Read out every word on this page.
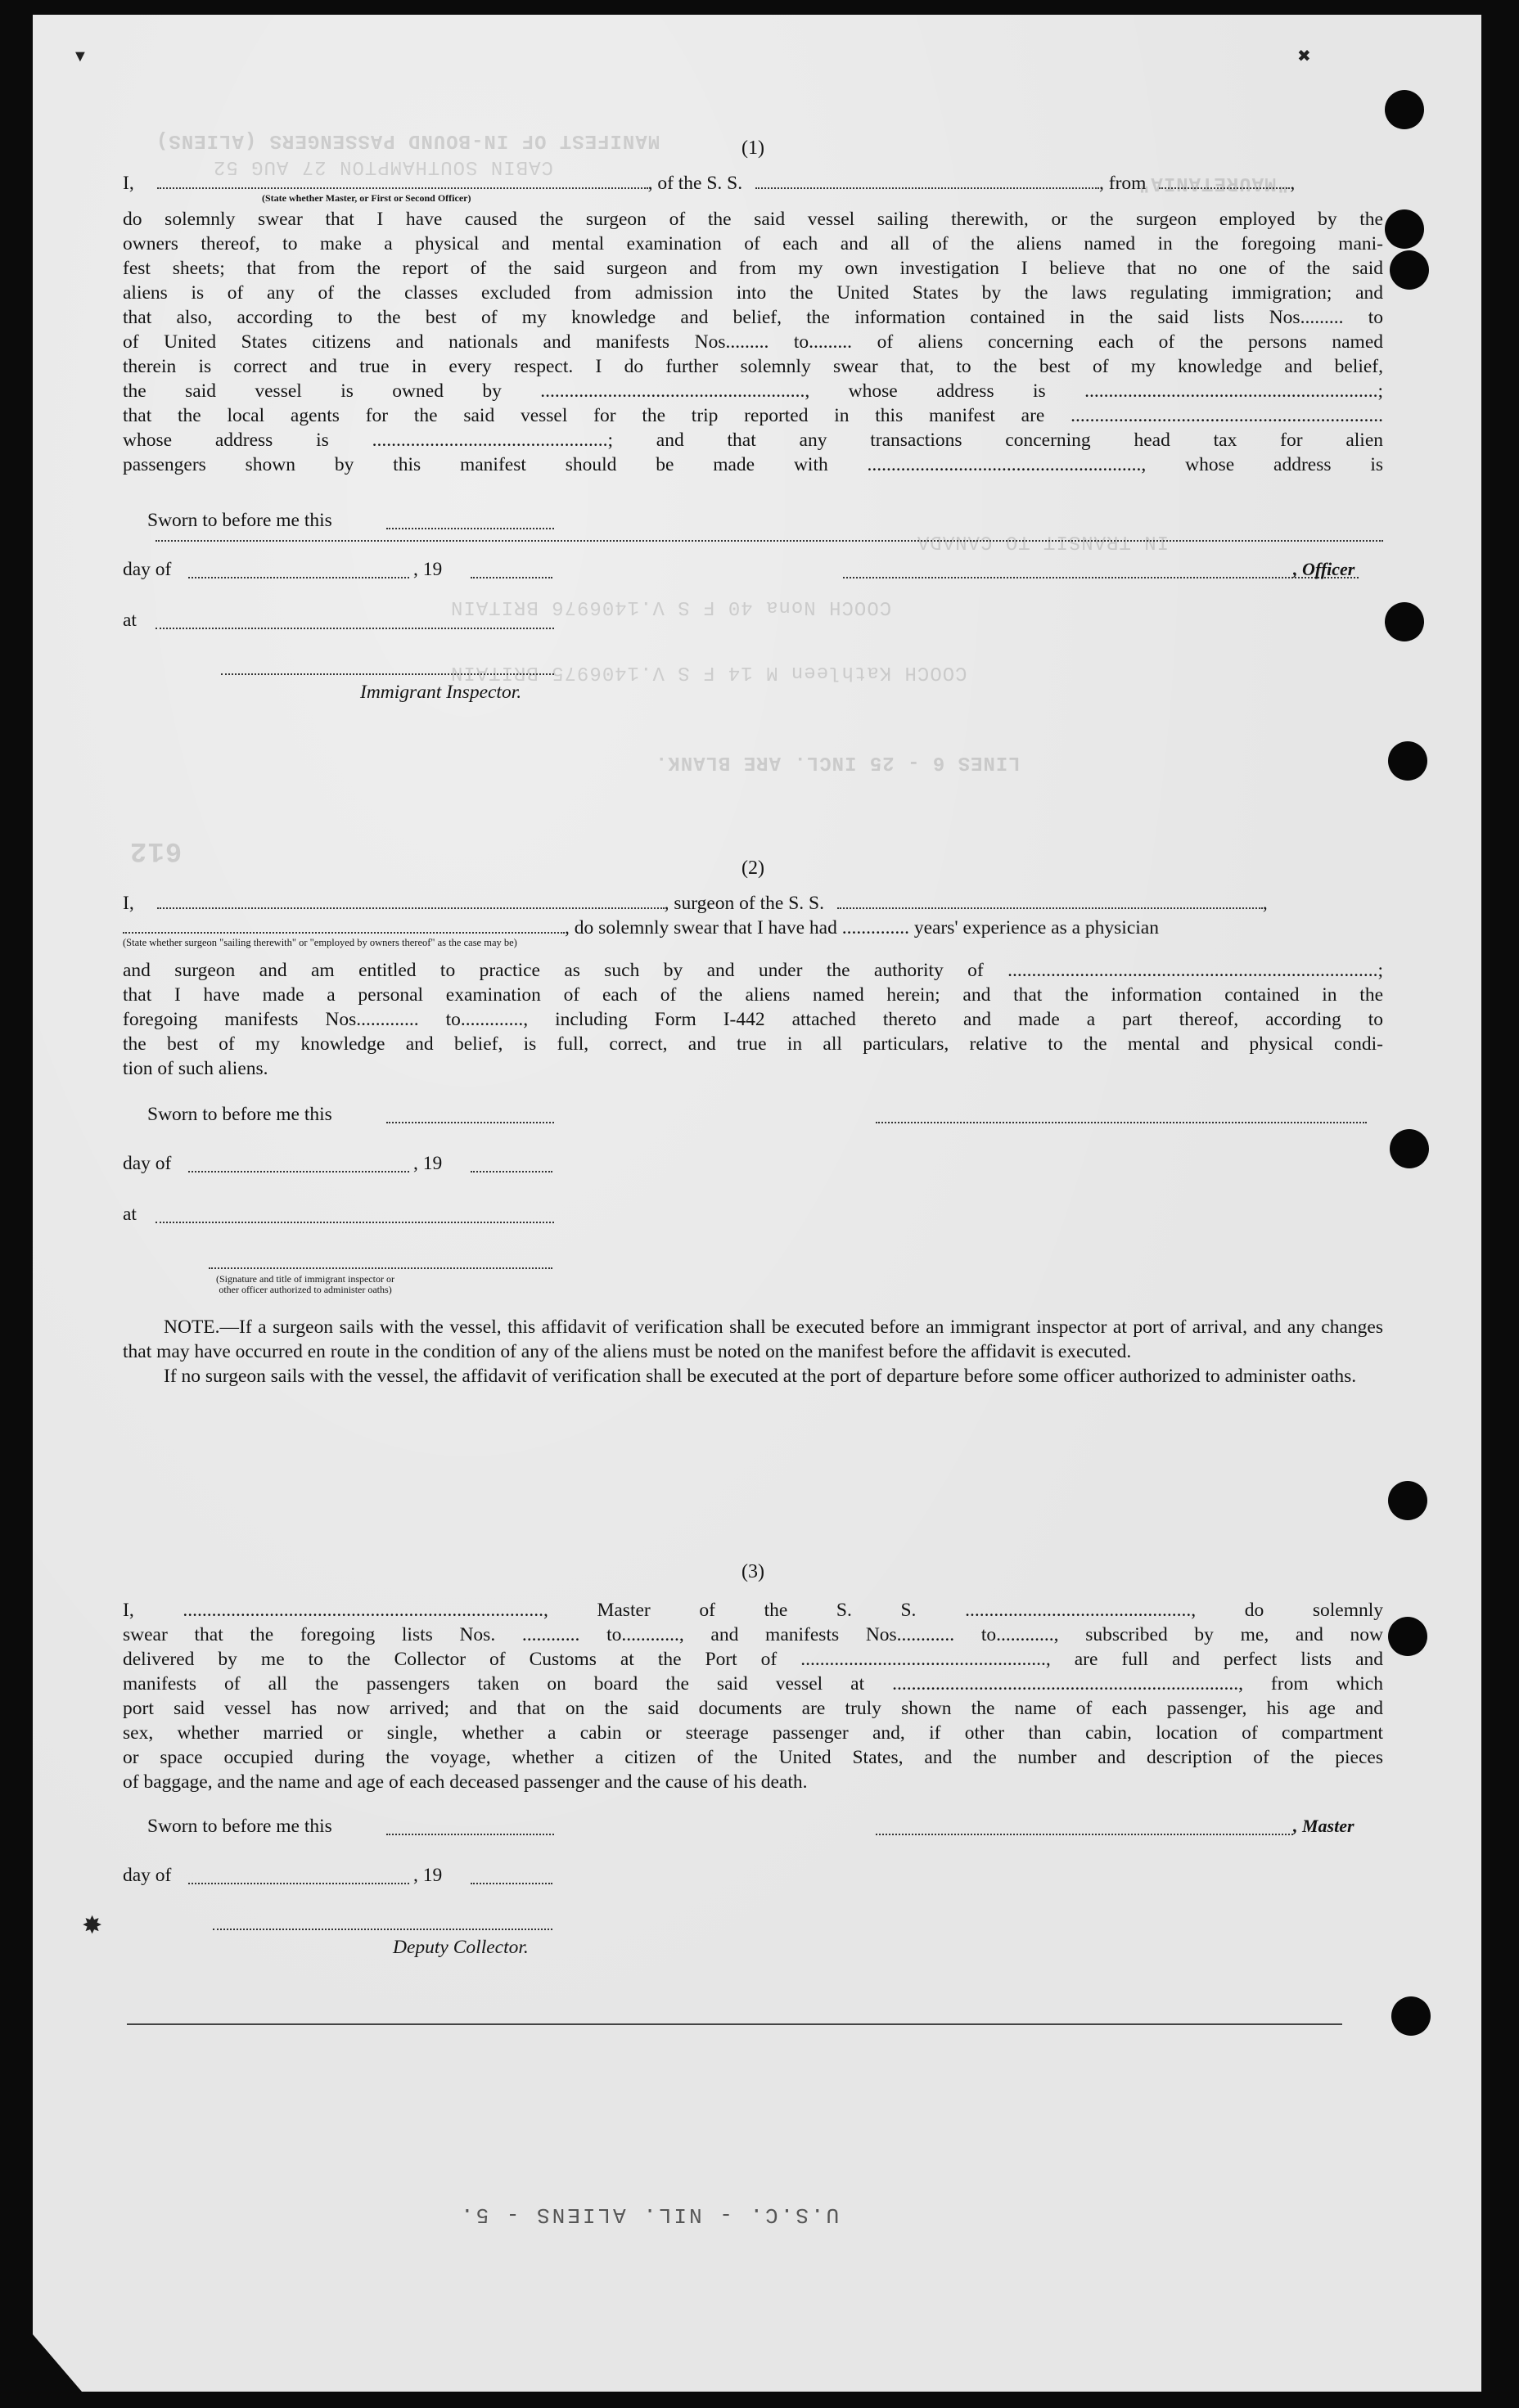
MANIFEST OF IN-BOUND PASSENGERS (ALIENS)
CABIN SOUTHAMPTON 27 AUG 52
"MAURETANIA"
IN TRANSIT TO CANADA
COOCH Nona 40 F S V.1406976 BRITAIN
COOCH Kathleen M 14 F S V.1406975 BRITAIN
LINES 6 - 25 INCL. ARE BLANK.
612
(1)
I,	, of the S. S.	, from	,
(State whether Master, or First or Second Officer)
do solemnly swear that I have caused the surgeon of the said vessel sailing therewith, or the surgeon employed by the
owners thereof, to make a physical and mental examination of each and all of the aliens named in the foregoing mani-
fest sheets; that from the report of the said surgeon and from my own investigation I believe that no one of the said
aliens is of any of the classes excluded from admission into the United States by the laws regulating immigration; and
that also, according to the best of my knowledge and belief, the information contained in the said lists Nos......... to
of United States citizens and nationals and manifests Nos......... to......... of aliens concerning each of the persons named
therein is correct and true in every respect. I do further solemnly swear that, to the best of my knowledge and belief,
the said vessel is owned by ......................................................., whose address is .............................................................;
that the local agents for the said vessel for the trip reported in this manifest are .................................................................
whose address is .................................................; and that any transactions concerning head tax for alien
passengers shown by this manifest should be made with ........................................................., whose address is
Sworn to before me this
day of	, 19
at
Immigrant Inspector.
, Officer
(2)
I,	, surgeon of the S. S.	,
, do solemnly swear that I have had .............. years' experience as a physician
(State whether surgeon "sailing therewith" or "employed by owners thereof" as the case may be)
and surgeon and am entitled to practice as such by and under the authority of .............................................................................;
that I have made a personal examination of each of the aliens named herein; and that the information contained in the
foregoing manifests Nos............. to............., including Form I-442 attached thereto and made a part thereof, according to
the best of my knowledge and belief, is full, correct, and true in all particulars, relative to the mental and physical condi-
tion of such aliens.
Sworn to before me this
day of	, 19
at
(Signature and title of immigrant inspector or other officer authorized to administer oaths)
NOTE.—If a surgeon sails with the vessel, this affidavit of verification shall be executed before an immigrant inspector at port of arrival, and any changes that may have occurred en route in the condition of any of the aliens must be noted on the manifest before the affidavit is executed.
If no surgeon sails with the vessel, the affidavit of verification shall be executed at the port of departure before some officer authorized to administer oaths.
(3)
I, ..........................................................................., Master of the S. S. ..............................................., do solemnly
swear that the foregoing lists Nos. ............ to............, and manifests Nos............ to............, subscribed by me, and now
delivered by me to the Collector of Customs at the Port of ..................................................., are full and perfect lists and
manifests of all the passengers taken on board the said vessel at ........................................................................, from which
port said vessel has now arrived; and that on the said documents are truly shown the name of each passenger, his age and
sex, whether married or single, whether a cabin or steerage passenger and, if other than cabin, location of compartment
or space occupied during the voyage, whether a citizen of the United States, and the number and description of the pieces
of baggage, and the name and age of each deceased passenger and the cause of his death.
Sworn to before me this	, Master
day of	, 19
Deputy Collector.
U.S.C. - NIL. ALIENS - 5.
▼	✖
✸
